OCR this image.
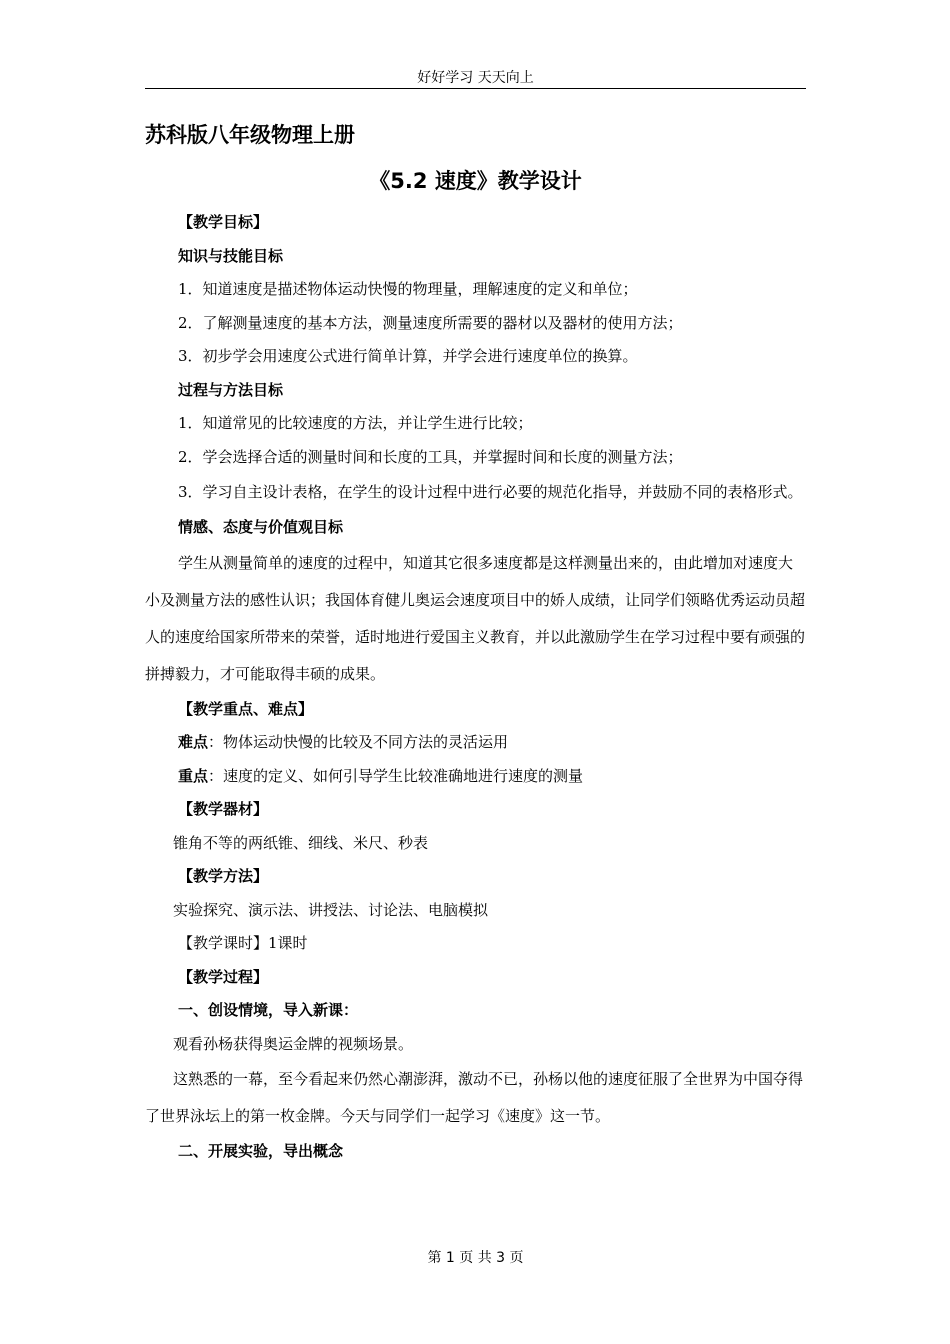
好好学习 天天向上
苏科版八年级物理上册
《5.2 速度》教学设计

【教学目标】

知识与技能目标

1．知道速度是描述物体运动快慢的物理量，理解速度的定义和单位；

2．了解测量速度的基本方法，测量速度所需要的器材以及器材的使用方法；

3．初步学会用速度公式进行简单计算，并学会进行速度单位的换算。

过程与方法目标

1．知道常见的比较速度的方法，并让学生进行比较；

2．学会选择合适的测量时间和长度的工具，并掌握时间和长度的测量方法；

3．学习自主设计表格，在学生的设计过程中进行必要的规范化指导，并鼓励不同的表格形式。

情感、态度与价值观目标

学生从测量简单的速度的过程中，知道其它很多速度都是这样测量出来的，由此增加对速度大小及测量方法的感性认识；我国体育健儿奥运会速度项目中的娇人成绩，让同学们领略优秀运动员超人的速度给国家所带来的荣誉，适时地进行爱国主义教育，并以此激励学生在学习过程中要有顽强的拼搏毅力，才可能取得丰硕的成果。

【教学重点、难点】

难点：物体运动快慢的比较及不同方法的灵活运用

重点：速度的定义、如何引导学生比较准确地进行速度的测量

【教学器材】

锥角不等的两纸锥、细线、米尺、秒表

【教学方法】

实验探究、演示法、讲授法、讨论法、电脑模拟

【教学课时】1课时

【教学过程】

一、创设情境，导入新课：

观看孙杨获得奥运金牌的视频场景。

这熟悉的一幕，至今看起来仍然心潮澎湃，激动不已，孙杨以他的速度征服了全世界为中国夺得了世界泳坛上的第一枚金牌。今天与同学们一起学习《速度》这一节。

二、开展实验，导出概念

第 1 页 共 3 页
